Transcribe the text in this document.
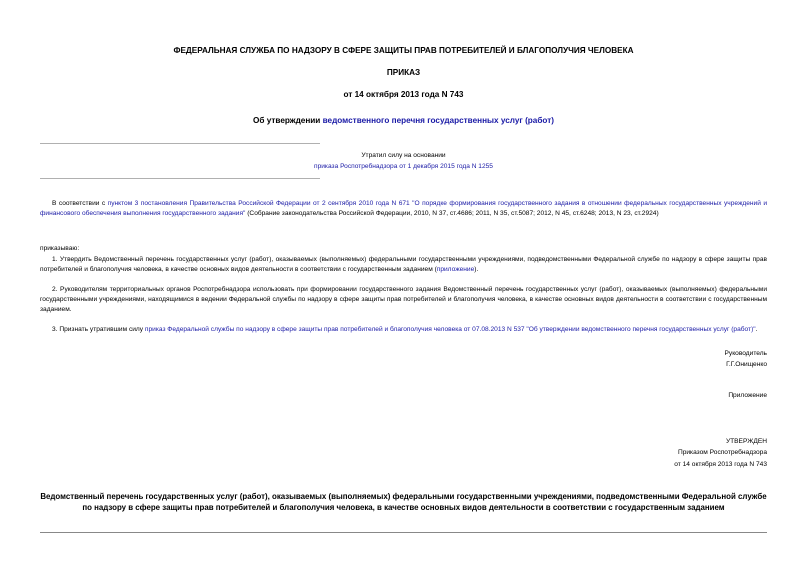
ФЕДЕРАЛЬНАЯ СЛУЖБА ПО НАДЗОРУ В СФЕРЕ ЗАЩИТЫ ПРАВ ПОТРЕБИТЕЛЕЙ И БЛАГОПОЛУЧИЯ ЧЕЛОВЕКА
ПРИКАЗ
от 14 октября 2013 года N 743
Об утверждении ведомственного перечня государственных услуг (работ)
Утратил силу на основании
приказа Роспотребнадзора от 1 декабря 2015 года N 1255
В соответствии с пунктом 3 постановления Правительства Российской Федерации от 2 сентября 2010 года N 671 "О порядке формирования государственного задания в отношении федеральных государственных учреждений и финансового обеспечения выполнения государственного задания" (Собрание законодательства Российской Федерации, 2010, N 37, ст.4686; 2011, N 35, ст.5087; 2012, N 45, ст.6248; 2013, N 23, ст.2924)
приказываю:
1. Утвердить Ведомственный перечень государственных услуг (работ), оказываемых (выполняемых) федеральными государственными учреждениями, подведомственными Федеральной службе по надзору в сфере защиты прав потребителей и благополучия человека, в качестве основных видов деятельности в соответствии с государственным заданием (приложение).
2. Руководителям территориальных органов Роспотребнадзора использовать при формировании государственного задания Ведомственный перечень государственных услуг (работ), оказываемых (выполняемых) федеральными государственными учреждениями, находящимися в ведении Федеральной службы по надзору в сфере защиты прав потребителей и благополучия человека, в качестве основных видов деятельности в соответствии с государственным заданием.
3. Признать утратившим силу приказ Федеральной службы по надзору в сфере защиты прав потребителей и благополучия человека от 07.08.2013 N 537 "Об утверждении ведомственного перечня государственных услуг (работ)".
Руководитель
Г.Г.Онищенко
Приложение
УТВЕРЖДЕН
Приказом Роспотребнадзора
от 14 октября 2013 года N 743
Ведомственный перечень государственных услуг (работ), оказываемых (выполняемых) федеральными государственными учреждениями, подведомственными Федеральной службе по надзору в сфере защиты прав потребителей и благополучия человека, в качестве основных видов деятельности в соответствии с государственным заданием
